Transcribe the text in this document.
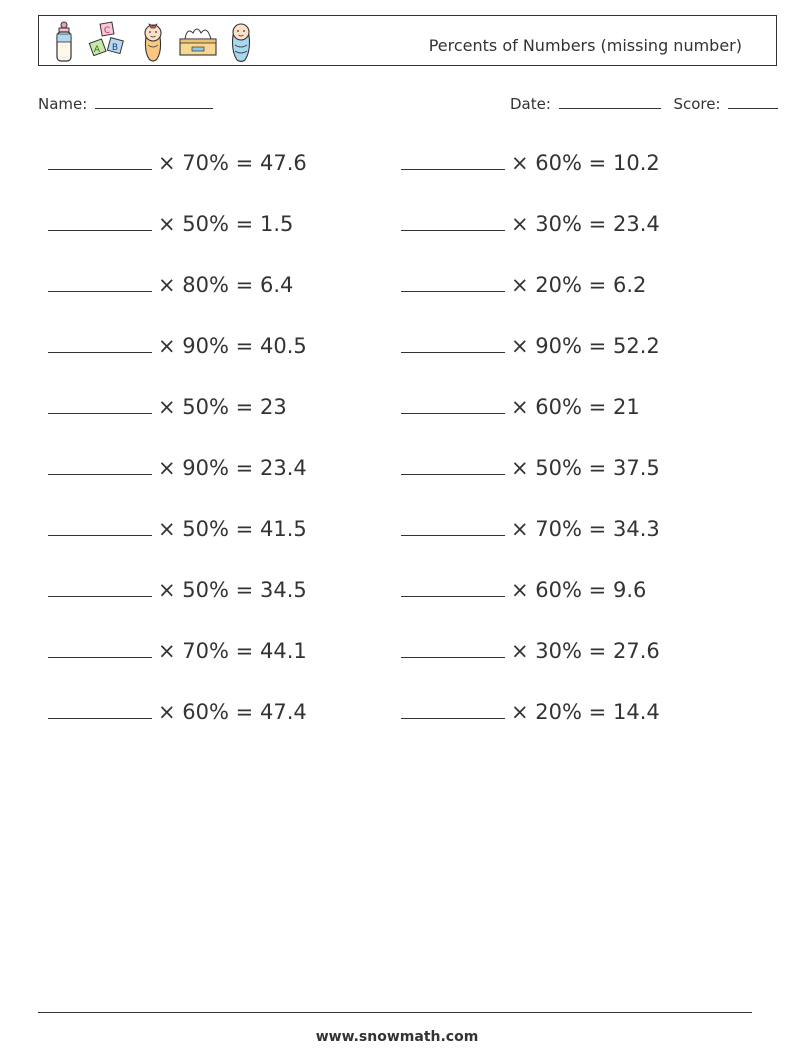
C
A B	Percents of Numbers (missing number)
Name:	Date:	Score:
× 70% = 47.6
× 50% = 1.5
× 80% = 6.4
× 90% = 40.5
× 50% = 23
× 90% = 23.4
× 50% = 41.5
× 50% = 34.5
× 70% = 44.1
× 60% = 47.4
× 60% = 10.2
× 30% = 23.4
× 20% = 6.2
× 90% = 52.2
× 60% = 21
× 50% = 37.5
× 70% = 34.3
× 60% = 9.6
× 30% = 27.6
× 20% = 14.4
www.snowmath.com
